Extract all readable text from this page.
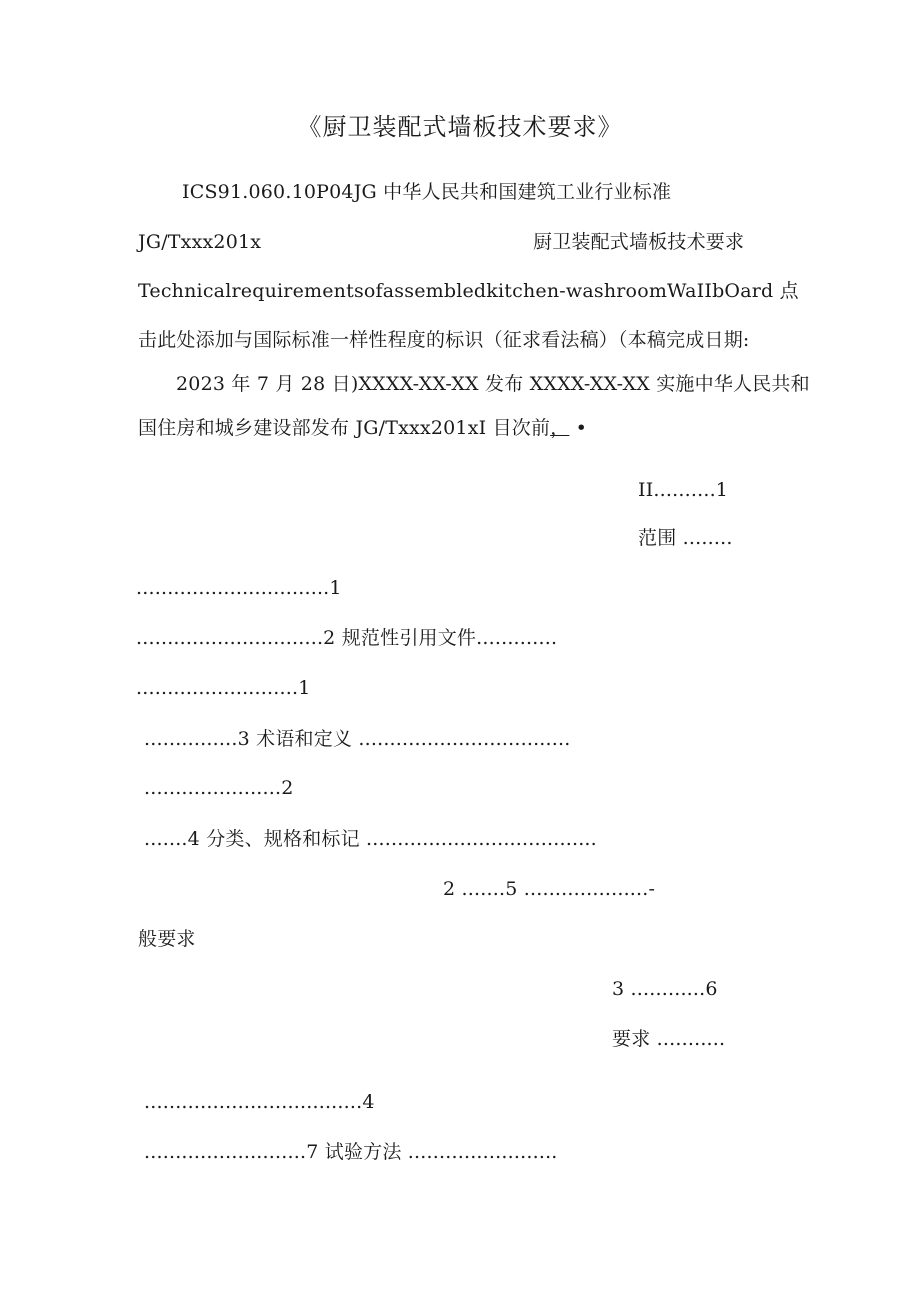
《厨卫装配式墙板技术要求》
ICS91.060.10P04JG 中华人民共和国建筑工业行业标准
JG/Txxx201x	厨卫装配式墙板技术要求
Technicalrequirementsofassembledkitchen-washroomWaIIbOard 点
击此处添加与国际标准一样性程度的标识（征求看法稿）（本稿完成日期:
2023 年 7 月 28 日)XXXX-XX-XX 发布 XXXX-XX-XX 实施中华人民共和
国住房和城乡建设部发布 JG/Txxx201xI 目次前， •
II..........1
范围 ........
...............................1
..............................2 规范性引用文件.............
..........................1
...............3 术语和定义 ..................................
......................2
.......4 分类、规格和标记 .....................................
2 .......5 ....................-
般要求
3 ............6
要求 ...........
...................................4
..........................7 试验方法 ........................
